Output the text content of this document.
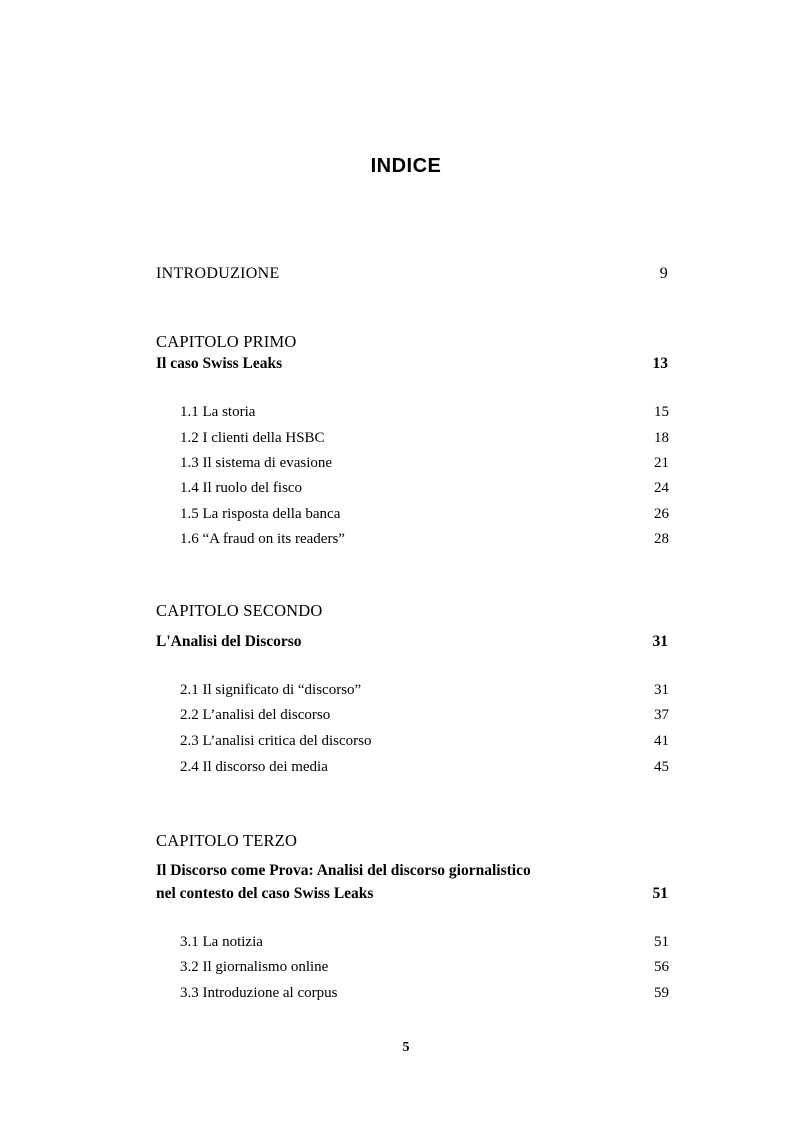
INDICE
INTRODUZIONE	9
CAPITOLO PRIMO
Il caso Swiss Leaks	13
1.1 La storia	15
1.2 I clienti della HSBC	18
1.3 Il sistema di evasione	21
1.4 Il ruolo del fisco	24
1.5 La risposta della banca	26
1.6 “A fraud on its readers”	28
CAPITOLO SECONDO
L'Analisi del Discorso	31
2.1 Il significato di “discorso”	31
2.2 L’analisi del discorso	37
2.3 L’analisi critica del discorso	41
2.4 Il discorso dei media	45
CAPITOLO TERZO
Il Discorso come Prova: Analisi del discorso giornalistico
nel contesto del caso Swiss Leaks	51
3.1 La notizia	51
3.2 Il giornalismo online	56
3.3 Introduzione al corpus	59
5
